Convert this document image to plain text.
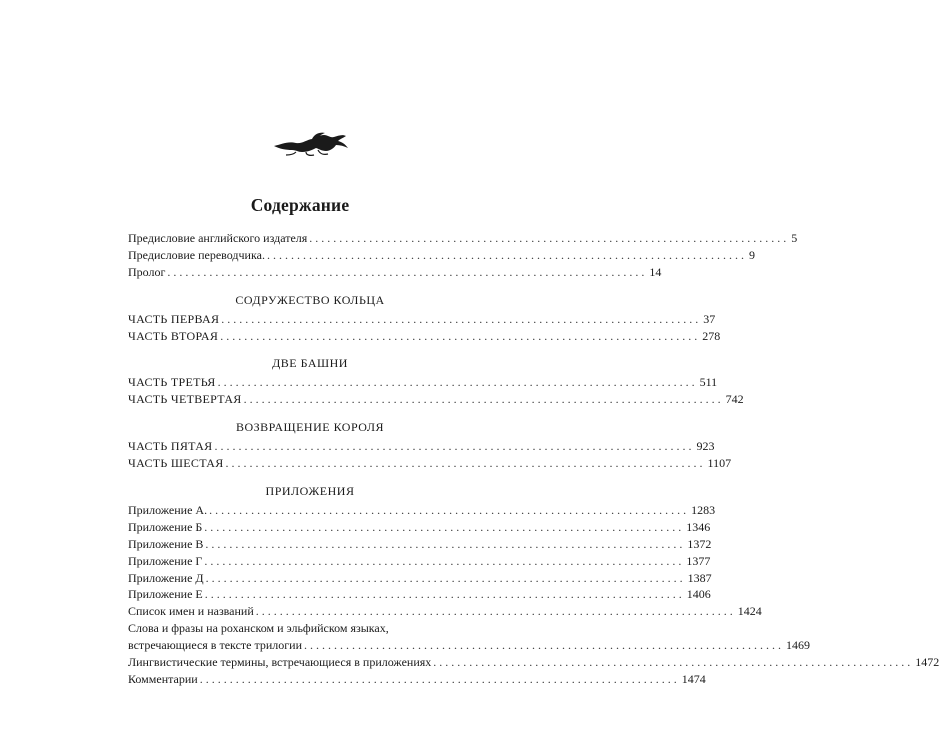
Содержание
Предисловие английского издателя ................................................................................ 5
Предисловие переводчика. ................................................................................ 9
Пролог ................................................................................ 14
СОДРУЖЕСТВО КОЛЬЦА
ЧАСТЬ ПЕРВАЯ ................................................................................ 37
ЧАСТЬ ВТОРАЯ ................................................................................ 278
ДВЕ БАШНИ
ЧАСТЬ ТРЕТЬЯ ................................................................................ 511
ЧАСТЬ ЧЕТВЕРТАЯ ................................................................................ 742
ВОЗВРАЩЕНИЕ КОРОЛЯ
ЧАСТЬ ПЯТАЯ ................................................................................ 923
ЧАСТЬ ШЕСТАЯ ................................................................................ 1107
ПРИЛОЖЕНИЯ
Приложение А. ................................................................................ 1283
Приложение Б ................................................................................ 1346
Приложение В ................................................................................ 1372
Приложение Г ................................................................................ 1377
Приложение Д ................................................................................ 1387
Приложение Е ................................................................................ 1406
Список имен и названий ................................................................................ 1424
Слова и фразы на роханском и эльфийском языках,
встречающиеся в тексте трилогии ................................................................................ 1469
Лингвистические термины, встречающиеся в приложениях ................................................................................ 1472
Комментарии ................................................................................ 1474
